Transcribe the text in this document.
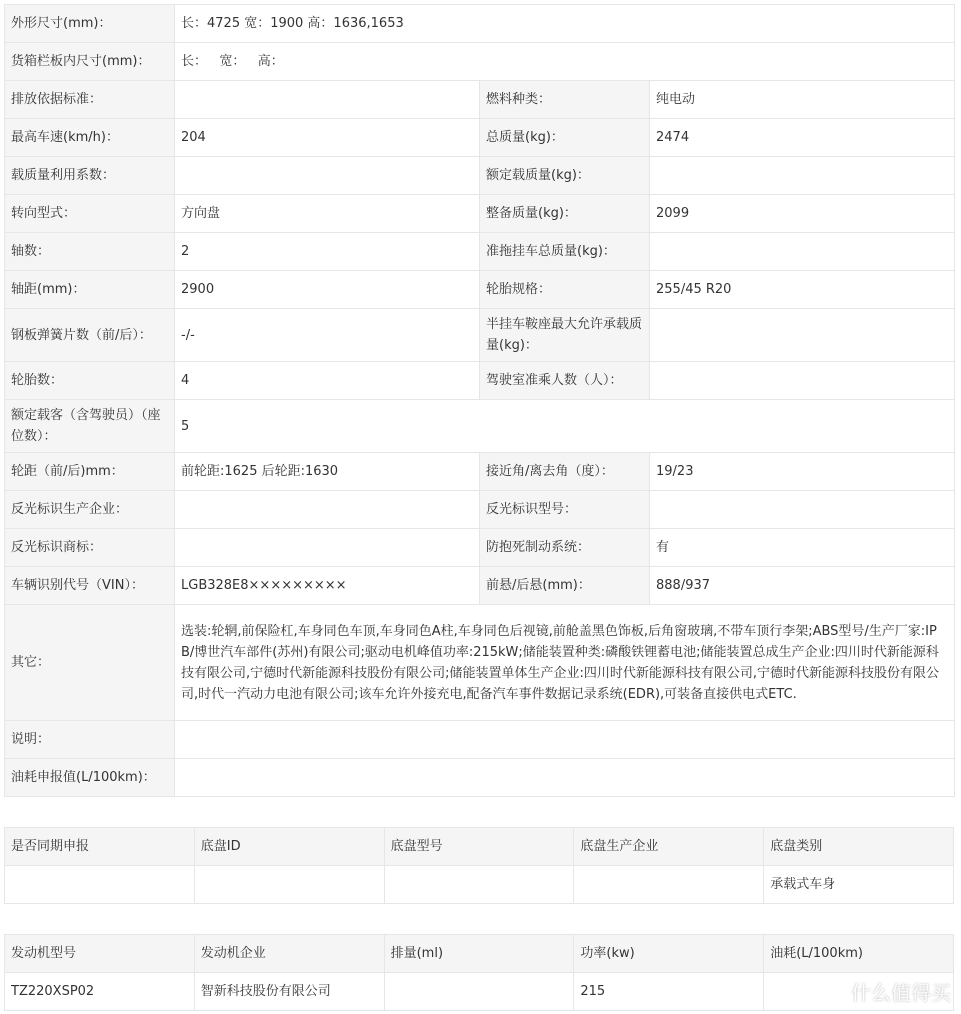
外形尺寸(mm)：	长：4725 宽：1900 高：1636,1653		
货箱栏板内尺寸(mm)：	长：   宽：   高：		
排放依据标准：		燃料种类：	纯电动
最高车速(km/h)：	204	总质量(kg)：	2474
载质量利用系数：		额定载质量(kg)：	
转向型式：	方向盘	整备质量(kg)：	2099
轴数：	2	准拖挂车总质量(kg)：	
轴距(mm)：	2900	轮胎规格：	255/45 R20
钢板弹簧片数（前/后）：	-/-	半挂车鞍座最大允许承载质量(kg)：	
轮胎数：	4	驾驶室准乘人数（人）：	
额定载客（含驾驶员）（座位数）：	5		
轮距（前/后)mm：	前轮距:1625 后轮距:1630	接近角/离去角（度）：	19/23
反光标识生产企业：		反光标识型号：	
反光标识商标：		防抱死制动系统：	有
车辆识别代号（VIN）：	LGB328E8×××××××××	前悬/后悬(mm)：	888/937
其它：	选装:轮辋,前保险杠,车身同色车顶,车身同色A柱,车身同色后视镜,前舱盖黑色饰板,后角窗玻璃,不带车顶行李架;ABS型号/生产厂家:IPB/博世汽车部件(苏州)有限公司;驱动电机峰值功率:215kW;储能装置种类:磷酸铁锂蓄电池;储能装置总成生产企业:四川时代新能源科技有限公司,宁德时代新能源科技股份有限公司;储能装置单体生产企业:四川时代新能源科技有限公司,宁德时代新能源科技股份有限公司,时代一汽动力电池有限公司;该车允许外接充电,配备汽车事件数据记录系统(EDR),可装备直接供电式ETC.		
说明：			
油耗申报值(L/100km)：			
是否同期申报	底盘ID	底盘型号	底盘生产企业	底盘类别
				承载式车身
发动机型号	发动机企业	排量(ml)	功率(kw)	油耗(L/100km)
TZ220XSP02	智新科技股份有限公司		215		什么值得买
